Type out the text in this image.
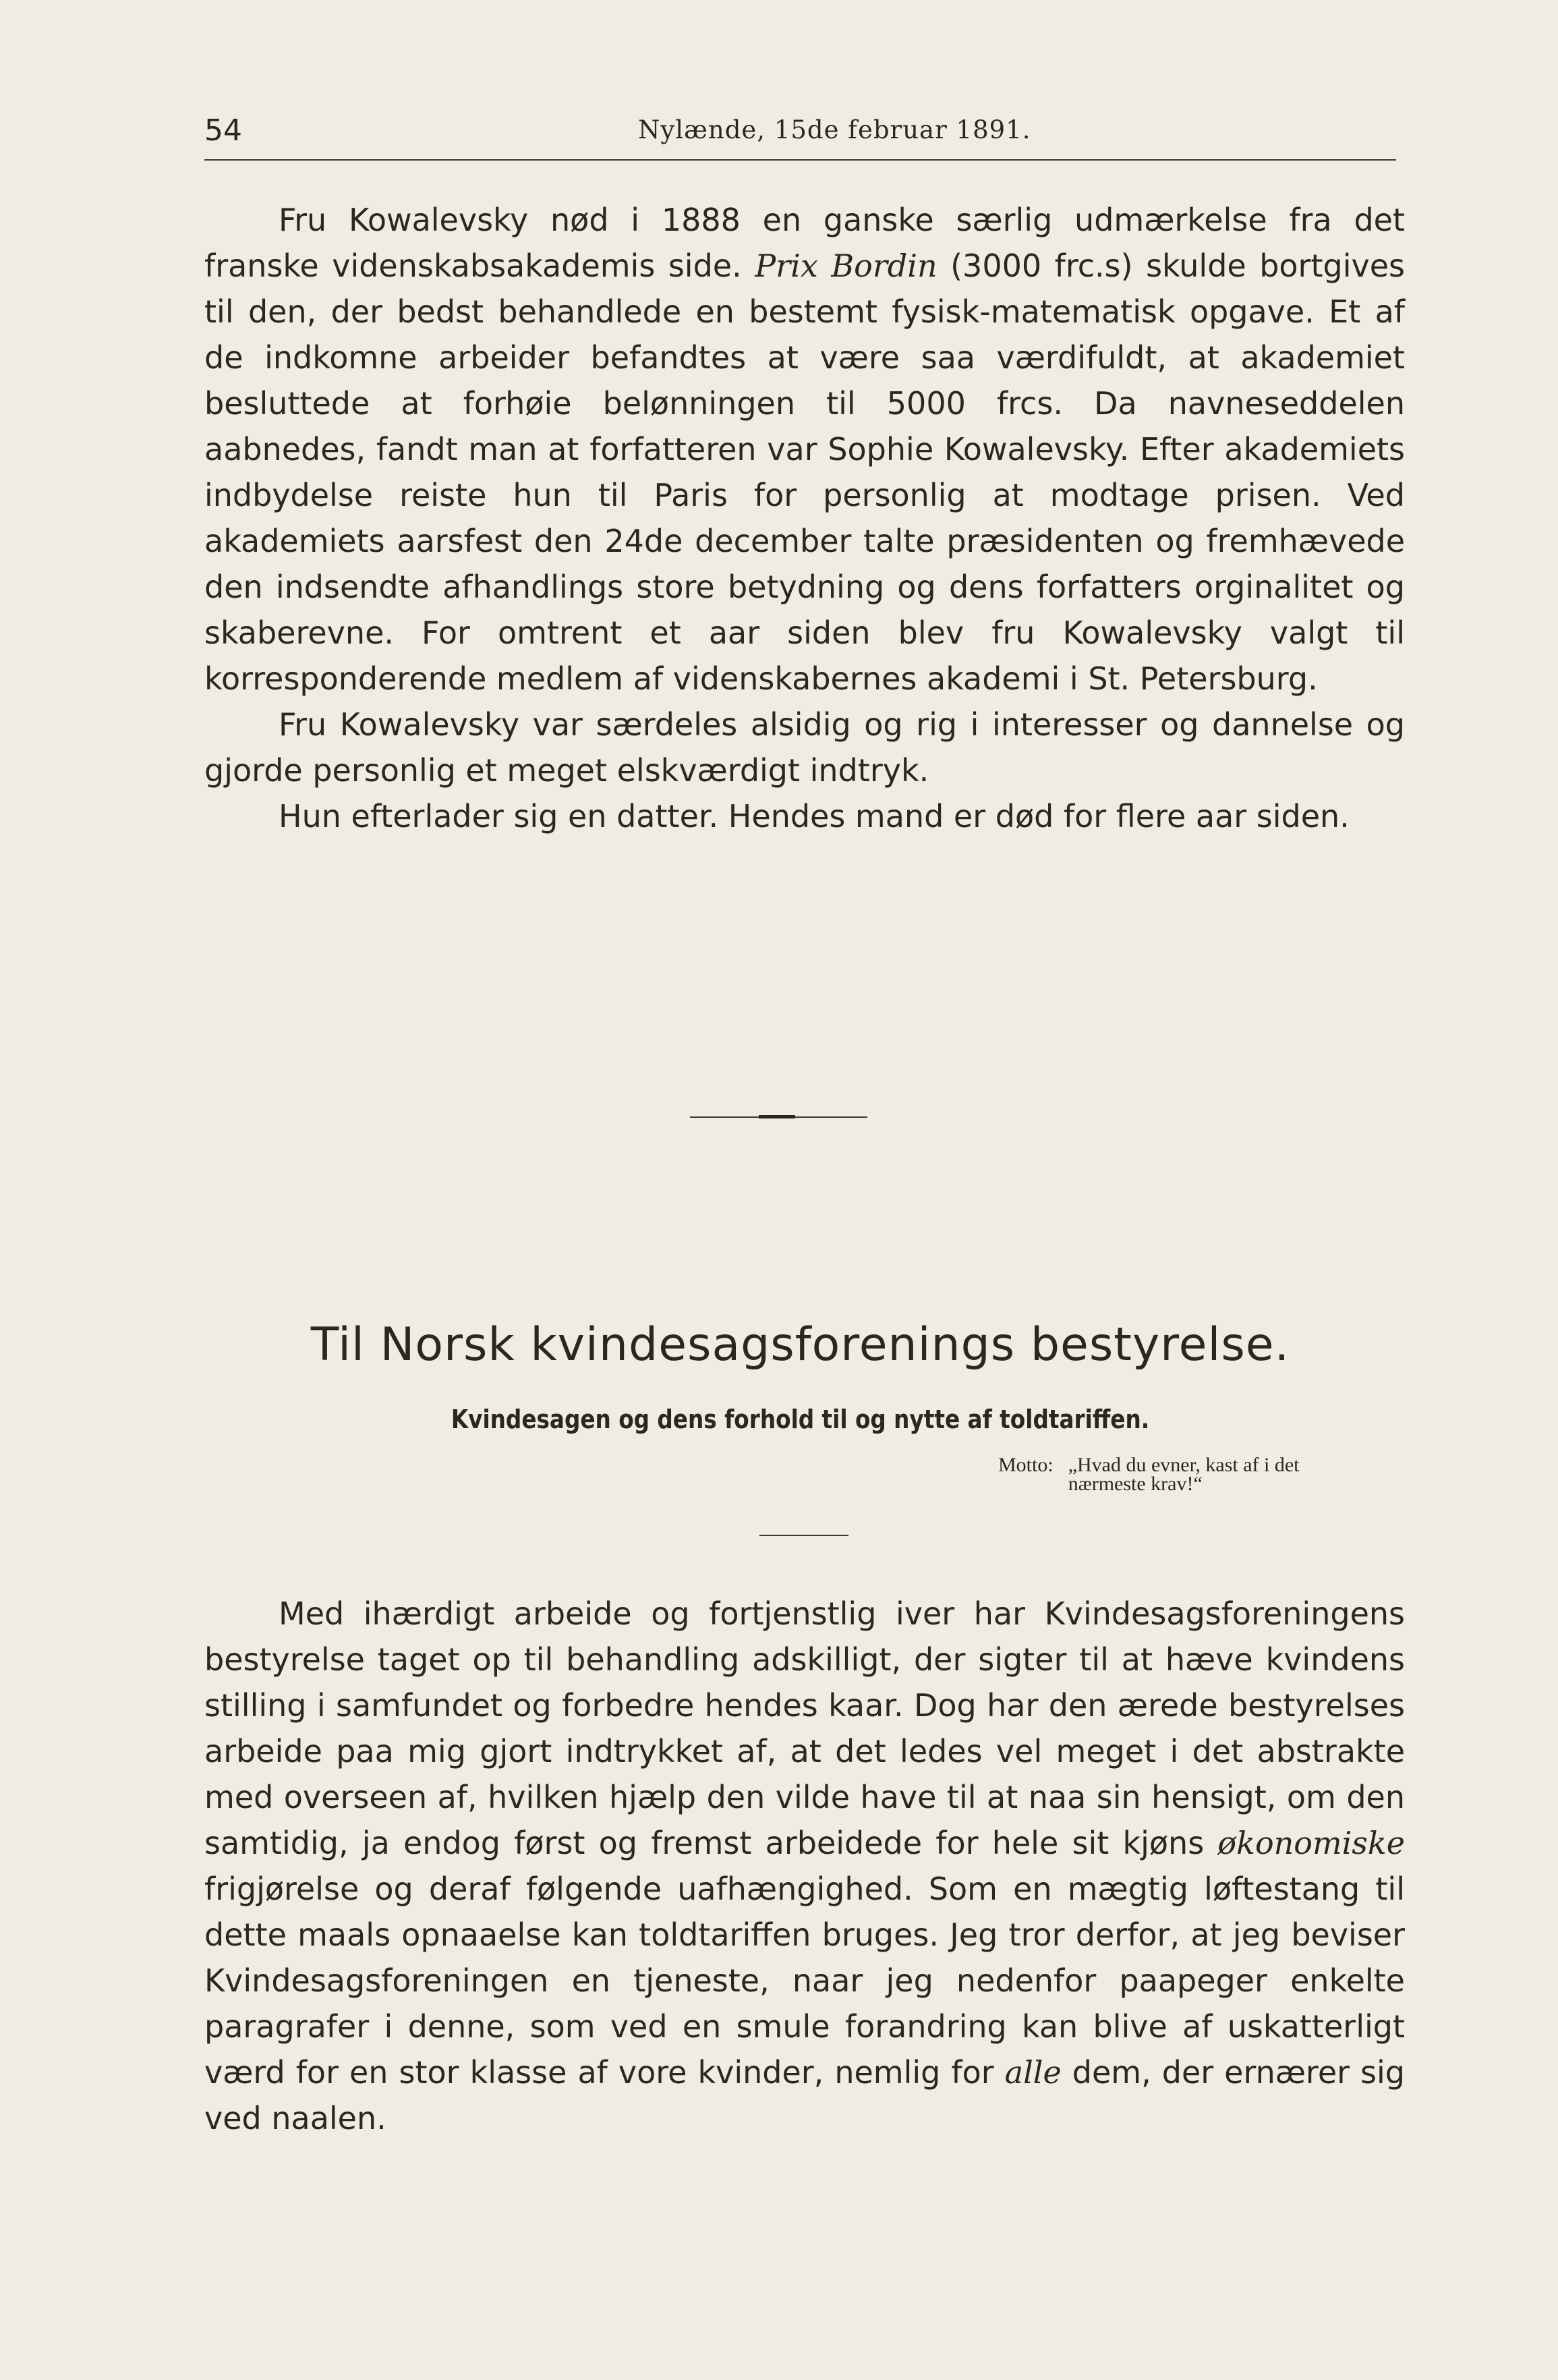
54	Nylænde, 15de februar 1891.

Fru Kowalevsky nød i 1888 en ganske særlig udmærkelse fra det franske videnskabsakademis side. Prix Bordin (3000 frc.s) skulde bortgives til den, der bedst behandlede en bestemt fysisk-matematisk opgave. Et af de indkomne arbeider befandtes at være saa værdifuldt, at akademiet besluttede at forhøie belønningen til 5000 frcs. Da navneseddelen aabnedes, fandt man at forfatteren var Sophie Kowalevsky. Efter akademiets indbydelse reiste hun til Paris for personlig at modtage prisen. Ved akademiets aarsfest den 24de december talte præsidenten og fremhævede den indsendte afhandlings store betydning og dens forfatters orginalitet og skaberevne. For omtrent et aar siden blev fru Kowalevsky valgt til korresponderende medlem af videnskabernes akademi i St. Petersburg.

Fru Kowalevsky var særdeles alsidig og rig i interesser og dannelse og gjorde personlig et meget elskværdigt indtryk.

Hun efterlader sig en datter. Hendes mand er død for flere aar siden.

Til Norsk kvindesagsforenings bestyrelse.
Kvindesagen og dens forhold til og nytte af toldtariffen.
Motto: „Hvad du evner, kast af i det nærmeste krav!“

Med ihærdigt arbeide og fortjenstlig iver har Kvindesagsforeningens bestyrelse taget op til behandling adskilligt, der sigter til at hæve kvindens stilling i samfundet og forbedre hendes kaar. Dog har den ærede bestyrelses arbeide paa mig gjort indtrykket af, at det ledes vel meget i det abstrakte med overseen af, hvilken hjælp den vilde have til at naa sin hensigt, om den samtidig, ja endog først og fremst arbeidede for hele sit kjøns økonomiske frigjørelse og deraf følgende uafhængighed. Som en mægtig løftestang til dette maals opnaaelse kan toldtariffen bruges. Jeg tror derfor, at jeg beviser Kvindesagsforeningen en tjeneste, naar jeg nedenfor paapeger enkelte paragrafer i denne, som ved en smule forandring kan blive af uskatterligt værd for en stor klasse af vore kvinder, nemlig for alle dem, der ernærer sig ved naalen.
